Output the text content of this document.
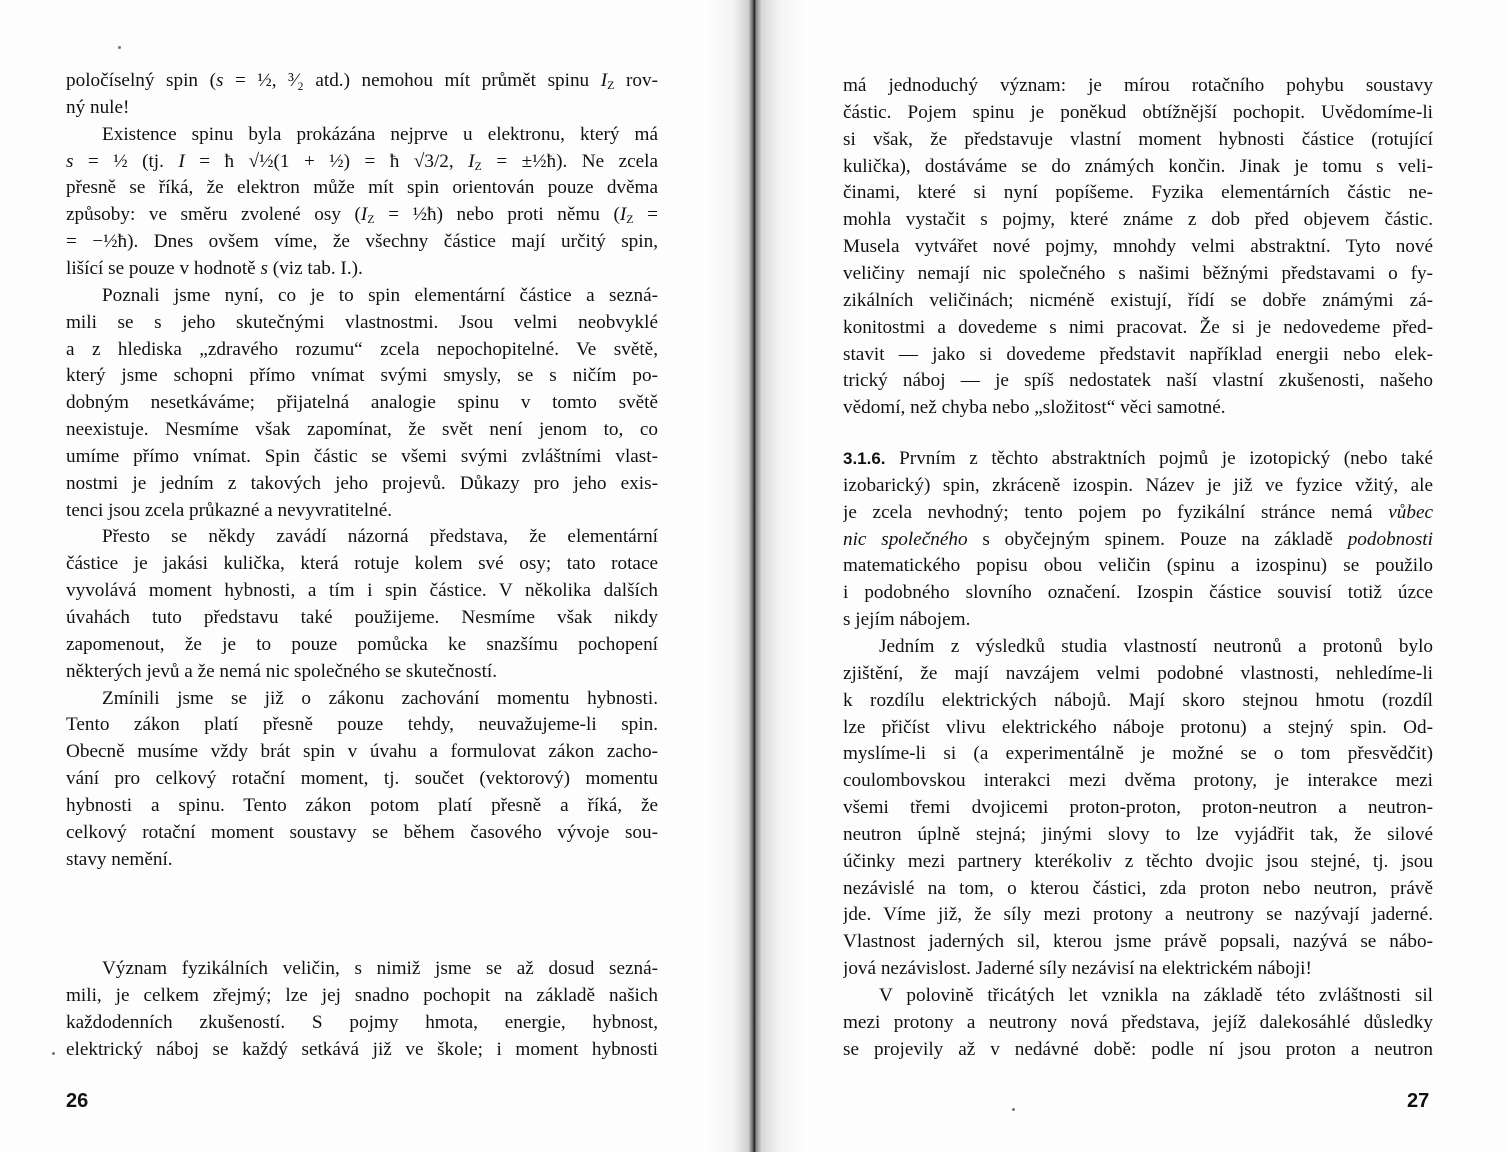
poločíselný spin (s = ½, ³⁄₂ atd.) nemohou mít průmět spinu IZ rov-
ný nule!
Existence spinu byla prokázána nejprve u elektronu, který má
s = ½ (tj. I = ħ √½(1 + ½) = ħ √3/2, IZ = ±½ħ). Ne zcela
přesně se říká, že elektron může mít spin orientován pouze dvěma
způsoby: ve směru zvolené osy (IZ = ½ħ) nebo proti němu (IZ =
= −½ħ). Dnes ovšem víme, že všechny částice mají určitý spin,
lišící se pouze v hodnotě s (viz tab. I.).
Poznali jsme nyní, co je to spin elementární částice a sezná-
mili se s jeho skutečnými vlastnostmi. Jsou velmi neobvyklé
a z hlediska „zdravého rozumu“ zcela nepochopitelné. Ve světě,
který jsme schopni přímo vnímat svými smysly, se s ničím po-
dobným nesetkáváme; přijatelná analogie spinu v tomto světě
neexistuje. Nesmíme však zapomínat, že svět není jenom to, co
umíme přímo vnímat. Spin částic se všemi svými zvláštními vlast-
nostmi je jedním z takových jeho projevů. Důkazy pro jeho exis-
tenci jsou zcela průkazné a nevyvratitelné.
Přesto se někdy zavádí názorná představa, že elementární
částice je jakási kulička, která rotuje kolem své osy; tato rotace
vyvolává moment hybnosti, a tím i spin částice. V několika dalších
úvahách tuto představu také použijeme. Nesmíme však nikdy
zapomenout, že je to pouze pomůcka ke snazšímu pochopení
některých jevů a že nemá nic společného se skutečností.
Zmínili jsme se již o zákonu zachování momentu hybnosti.
Tento zákon platí přesně pouze tehdy, neuvažujeme-li spin.
Obecně musíme vždy brát spin v úvahu a formulovat zákon zacho-
vání pro celkový rotační moment, tj. součet (vektorový) momentu
hybnosti a spinu. Tento zákon potom platí přesně a říká, že
celkový rotační moment soustavy se během časového vývoje sou-
stavy nemění.
Význam fyzikálních veličin, s nimiž jsme se až dosud sezná-
mili, je celkem zřejmý; lze jej snadno pochopit na základě našich
každodenních zkušeností. S pojmy hmota, energie, hybnost,
elektrický náboj se každý setkává již ve škole; i moment hybnosti
má jednoduchý význam: je mírou rotačního pohybu soustavy
částic. Pojem spinu je poněkud obtížnější pochopit. Uvědomíme-li
si však, že představuje vlastní moment hybnosti částice (rotující
kulička), dostáváme se do známých končin. Jinak je tomu s veli-
činami, které si nyní popíšeme. Fyzika elementárních částic ne-
mohla vystačit s pojmy, které známe z dob před objevem částic.
Musela vytvářet nové pojmy, mnohdy velmi abstraktní. Tyto nové
veličiny nemají nic společného s našimi běžnými představami o fy-
zikálních veličinách; nicméně existují, řídí se dobře známými zá-
konitostmi a dovedeme s nimi pracovat. Že si je nedovedeme před-
stavit — jako si dovedeme představit například energii nebo elek-
trický náboj — je spíš nedostatek naší vlastní zkušenosti, našeho
vědomí, než chyba nebo „složitost“ věci samotné.
3.1.6. Prvním z těchto abstraktních pojmů je izotopický (nebo také
izobarický) spin, zkráceně izospin. Název je již ve fyzice vžitý, ale
je zcela nevhodný; tento pojem po fyzikální stránce nemá vůbec
nic společného s obyčejným spinem. Pouze na základě podobnosti
matematického popisu obou veličin (spinu a izospinu) se použilo
i podobného slovního označení. Izospin částice souvisí totiž úzce
s jejím nábojem.
Jedním z výsledků studia vlastností neutronů a protonů bylo
zjištění, že mají navzájem velmi podobné vlastnosti, nehledíme-li
k rozdílu elektrických nábojů. Mají skoro stejnou hmotu (rozdíl
lze přičíst vlivu elektrického náboje protonu) a stejný spin. Od-
myslíme-li si (a experimentálně je možné se o tom přesvědčit)
coulombovskou interakci mezi dvěma protony, je interakce mezi
všemi třemi dvojicemi proton-proton, proton-neutron a neutron-
neutron úplně stejná; jinými slovy to lze vyjádřit tak, že silové
účinky mezi partnery kterékoliv z těchto dvojic jsou stejné, tj. jsou
nezávislé na tom, o kterou částici, zda proton nebo neutron, právě
jde. Víme již, že síly mezi protony a neutrony se nazývají jaderné.
Vlastnost jaderných sil, kterou jsme právě popsali, nazývá se nábo-
jová nezávislost. Jaderné síly nezávisí na elektrickém náboji!
V polovině třicátých let vznikla na základě této zvláštnosti sil
mezi protony a neutrony nová představa, jejíž dalekosáhlé důsledky
se projevily až v nedávné době: podle ní jsou proton a neutron
26	27
